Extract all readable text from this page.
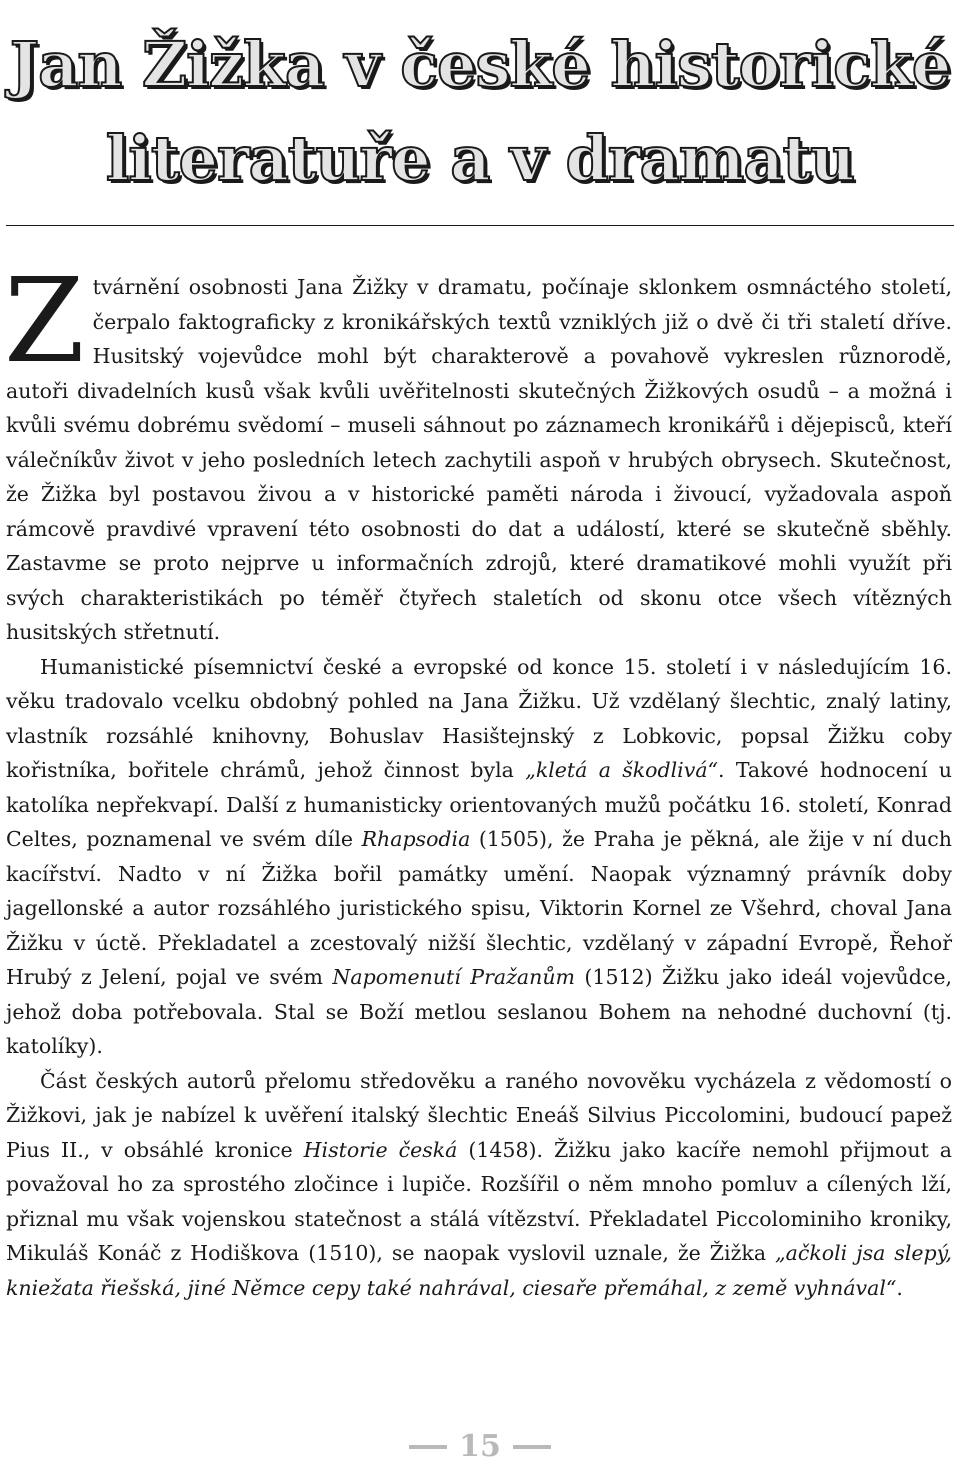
Jan Žižka v české historické
literatuře a v dramatu

Ztvárnění osobnosti Jana Žižky v dramatu, počínaje sklonkem osmnáctého století, čerpalo faktograficky z kronikářských textů vzniklých již o dvě či tři staletí dříve. Husitský vojevůdce mohl být charakterově a povahově vykreslen různorodě, autoři divadelních kusů však kvůli uvěřitelnosti skutečných Žižkových osudů – a možná i kvůli svému dobrému svědomí – museli sáhnout po záznamech kronikářů i dějepisců, kteří válečníkův život v jeho posledních letech zachytili aspoň v hrubých obrysech. Skutečnost, že Žižka byl postavou živou a v historické paměti národa i živoucí, vyžadovala aspoň rámcově pravdivé vpravení této osobnosti do dat a událostí, které se skutečně sběhly. Zastavme se proto nejprve u informačních zdrojů, které dramatikové mohli využít při svých charakteristikách po téměř čtyřech staletích od skonu otce všech vítězných husitských střetnutí.

Humanistické písemnictví české a evropské od konce 15. století i v následujícím 16. věku tradovalo vcelku obdobný pohled na Jana Žižku. Už vzdělaný šlechtic, znalý latiny, vlastník rozsáhlé knihovny, Bohuslav Hasištejnský z Lobkovic, popsal Žižku coby kořistníka, bořitele chrámů, jehož činnost byla „kletá a škodlivá“. Takové hodnocení u katolíka nepřekvapí. Další z humanisticky orientovaných mužů počátku 16. století, Konrad Celtes, poznamenal ve svém díle Rhapsodia (1505), že Praha je pěkná, ale žije v ní duch kacířství. Nadto v ní Žižka bořil památky umění. Naopak významný právník doby jagellonské a autor rozsáhlého juristického spisu, Viktorin Kornel ze Všehrd, choval Jana Žižku v úctě. Překladatel a zcestovalý nižší šlechtic, vzdělaný v západní Evropě, Řehoř Hrubý z Jelení, pojal ve svém Napomenutí Pražanům (1512) Žižku jako ideál vojevůdce, jehož doba potřebovala. Stal se Boží metlou seslanou Bohem na nehodné duchovní (tj. katolíky).

Část českých autorů přelomu středověku a raného novověku vycházela z vědomostí o Žižkovi, jak je nabízel k uvěření italský šlechtic Eneáš Silvius Piccolomini, budoucí papež Pius II., v obsáhlé kronice Historie česká (1458). Žižku jako kacíře nemohl přijmout a považoval ho za sprostého zločince i lupiče. Rozšířil o něm mnoho pomluv a cílených lží, přiznal mu však vojenskou statečnost a stálá vítězství. Překladatel Piccolominiho kroniky, Mikuláš Konáč z Hodiškova (1510), se naopak vyslovil uznale, že Žižka „ačkoli jsa slepý, kniežata řiešská, jiné Němce cepy také nahrával, ciesaře přemáhal, z země vyhnával“.

15
